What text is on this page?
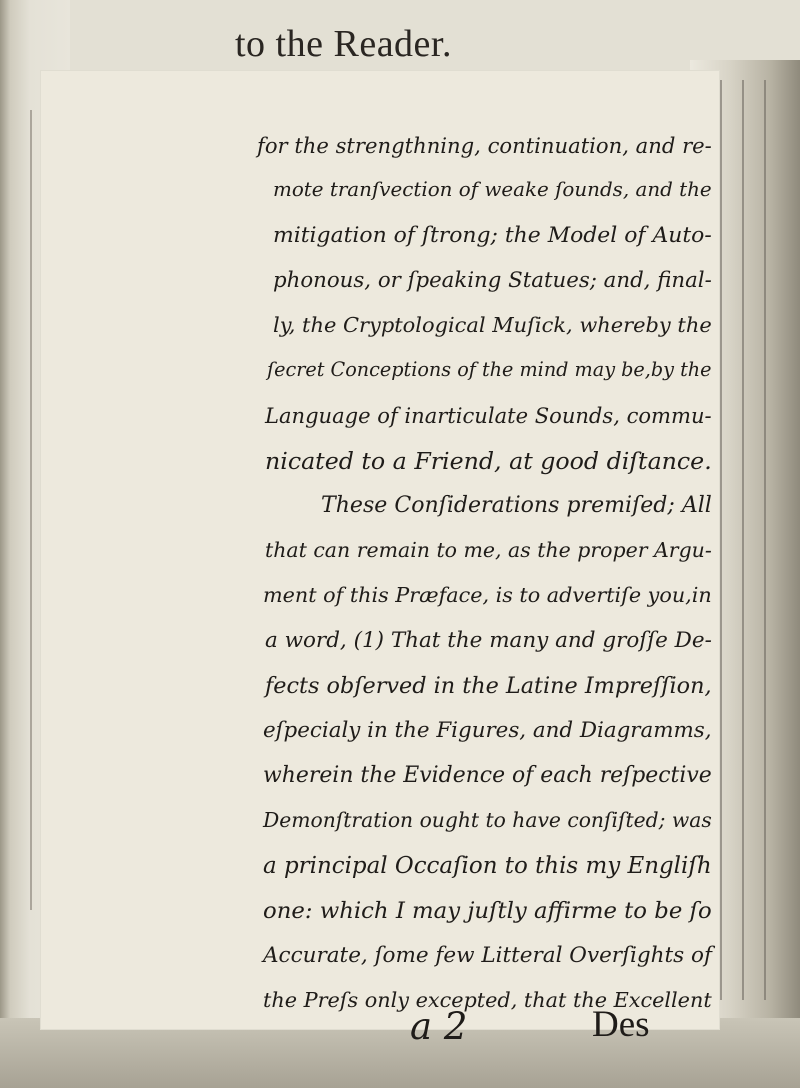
to the Reader.
for the strengthning, continuation, and re-
mote tranſvection of weake ſounds, and the
mitigation of ſtrong; the Model of Auto-
phonous, or ſpeaking Statues; and, final-
ly, the Cryptological Muſick, whereby the
ſecret Conceptions of the mind may be,by the
Language of inarticulate Sounds, commu-
nicated to a Friend, at good diſtance.
These Conſiderations premiſed; All
that can remain to me, as the proper Argu-
ment of this Præface, is to advertiſe you,in
a word, (1) That the many and groſſe De-
fects obſerved in the Latine Impreſſion,
eſpecialy in the Figures, and Diagramms,
wherein the Evidence of each reſpective
Demonſtration ought to have conſiſted; was
a principal Occaſion to this my Engliſh
one: which I may juſtly affirme to be ſo
Accurate, ſome few Litteral Overſights of
the Preſs only excepted, that the Excellent
a 2	Des
